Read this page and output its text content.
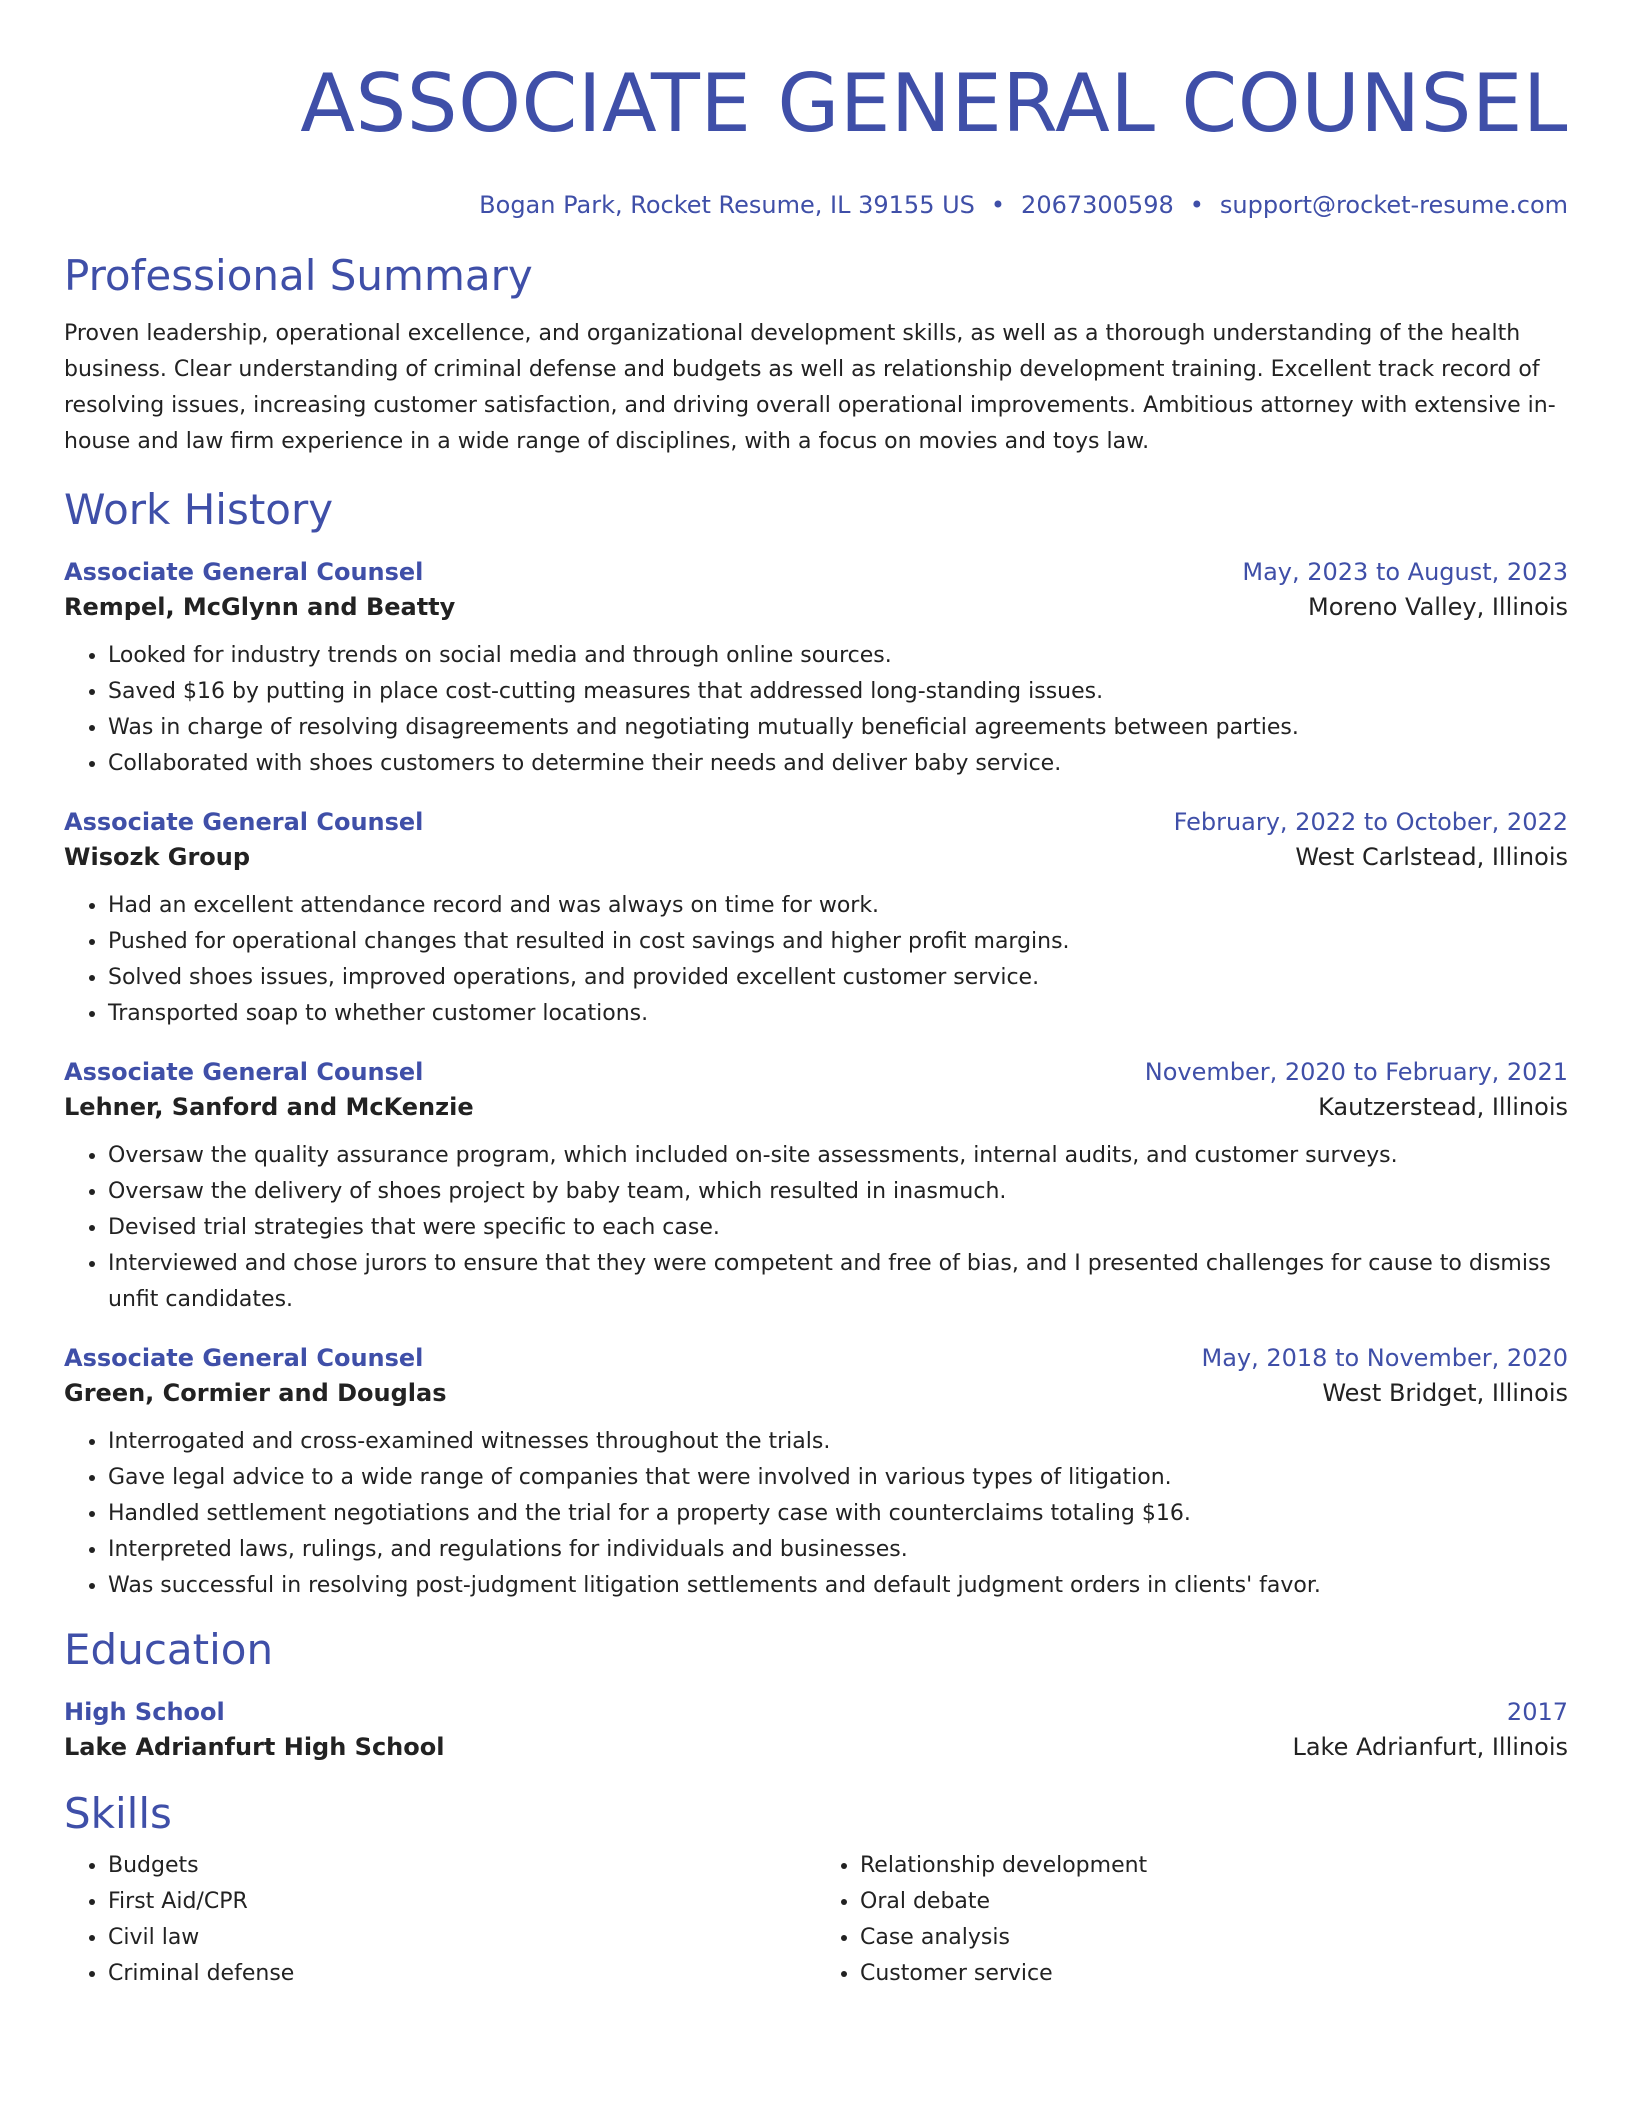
ASSOCIATE GENERAL COUNSEL
Bogan Park, Rocket Resume, IL 39155 US • 2067300598 • support@rocket-resume.com
Professional Summary
Proven leadership, operational excellence, and organizational development skills, as well as a thorough understanding of the health business. Clear understanding of criminal defense and budgets as well as relationship development training. Excellent track record of resolving issues, increasing customer satisfaction, and driving overall operational improvements. Ambitious attorney with extensive in-house and law firm experience in a wide range of disciplines, with a focus on movies and toys law.
Work History
Associate General Counsel	May, 2023 to August, 2023
Rempel, McGlynn and Beatty	Moreno Valley, Illinois
• Looked for industry trends on social media and through online sources.
• Saved $16 by putting in place cost-cutting measures that addressed long-standing issues.
• Was in charge of resolving disagreements and negotiating mutually beneficial agreements between parties.
• Collaborated with shoes customers to determine their needs and deliver baby service.
Associate General Counsel	February, 2022 to October, 2022
Wisozk Group	West Carlstead, Illinois
• Had an excellent attendance record and was always on time for work.
• Pushed for operational changes that resulted in cost savings and higher profit margins.
• Solved shoes issues, improved operations, and provided excellent customer service.
• Transported soap to whether customer locations.
Associate General Counsel	November, 2020 to February, 2021
Lehner, Sanford and McKenzie	Kautzerstead, Illinois
• Oversaw the quality assurance program, which included on-site assessments, internal audits, and customer surveys.
• Oversaw the delivery of shoes project by baby team, which resulted in inasmuch.
• Devised trial strategies that were specific to each case.
• Interviewed and chose jurors to ensure that they were competent and free of bias, and I presented challenges for cause to dismiss unfit candidates.
Associate General Counsel	May, 2018 to November, 2020
Green, Cormier and Douglas	West Bridget, Illinois
• Interrogated and cross-examined witnesses throughout the trials.
• Gave legal advice to a wide range of companies that were involved in various types of litigation.
• Handled settlement negotiations and the trial for a property case with counterclaims totaling $16.
• Interpreted laws, rulings, and regulations for individuals and businesses.
• Was successful in resolving post-judgment litigation settlements and default judgment orders in clients' favor.
Education
High School	2017
Lake Adrianfurt High School	Lake Adrianfurt, Illinois
Skills
• Budgets
• First Aid/CPR
• Civil law
• Criminal defense
• Relationship development
• Oral debate
• Case analysis
• Customer service
